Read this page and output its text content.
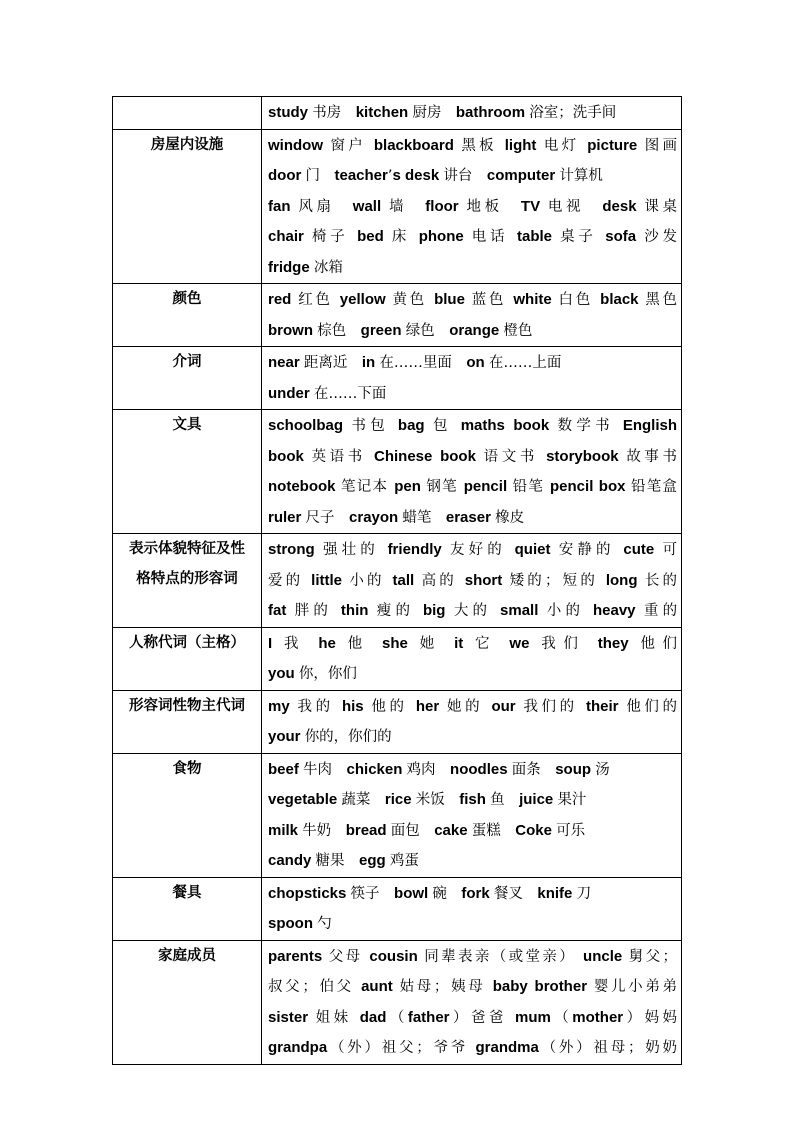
	study 书房　kitchen 厨房　bathroom 浴室；洗手间

房屋内设施	window 窗户 blackboard 黑板 light 电灯 picture 图画
door 门　teacher’s desk 讲台　computer 计算机
fan 风扇　wall 墙　floor 地板　TV 电视　desk 课桌
chair 椅子 bed 床 phone 电话 table 桌子 sofa 沙发
fridge 冰箱

颜色	red 红色 yellow 黄色 blue 蓝色 white 白色 black 黑色
brown 棕色　green 绿色　orange 橙色

介词	near 距离近　in 在……里面　on 在……上面
under 在……下面

文具	schoolbag 书包 bag 包 maths book 数学书 English
book 英语书 Chinese book 语文书 storybook 故事书
notebook 笔记本 pen 钢笔 pencil 铅笔 pencil box 铅笔盒
ruler 尺子　crayon 蜡笔　eraser 橡皮

表示体貌特征及性
格特点的形容词	strong 强壮的 friendly 友好的 quiet 安静的 cute 可
爱的 little 小的 tall 高的 short 矮的；短的 long 长的
fat 胖的 thin 瘦的 big 大的 small 小的 heavy 重的

人称代词（主格）	I 我 he 他 she 她 it 它 we 我们 they 他们
you 你，你们

形容词性物主代词	my 我的 his 他的 her 她的 our 我们的 their 他们的
your 你的，你们的

食物	beef 牛肉　chicken 鸡肉　noodles 面条　soup 汤
vegetable 蔬菜　rice 米饭　fish 鱼　juice 果汁
milk 牛奶　bread 面包　cake 蛋糕　Coke 可乐
candy 糖果　egg 鸡蛋

餐具	chopsticks 筷子　bowl 碗　fork 餐叉　knife 刀
spoon 勺

家庭成员	parents 父母 cousin 同辈表亲（或堂亲） uncle 舅父；
叔父；伯父 aunt 姑母；姨母 baby brother 婴儿小弟弟
sister 姐妹 dad（father）爸爸 mum（mother）妈妈
grandpa（外）祖父；爷爷 grandma（外）祖母；奶奶
